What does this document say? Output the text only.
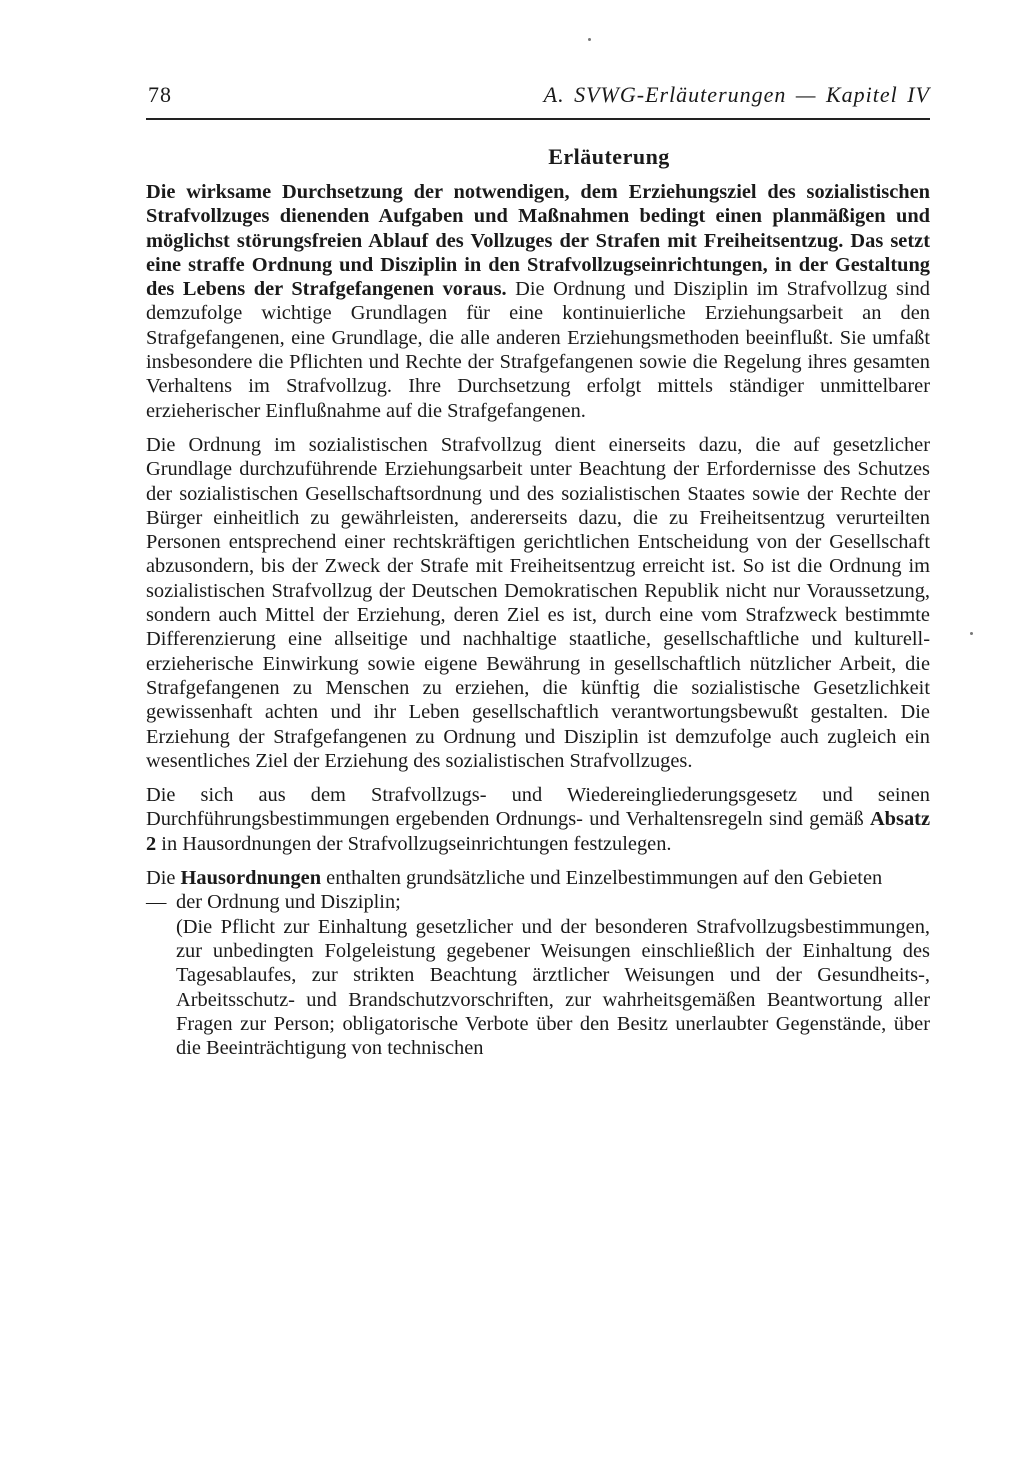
78	A. SVWG-Erläuterungen — Kapitel IV
Erläuterung

Die wirksame Durchsetzung der notwendigen, dem Erziehungsziel des sozialistischen Strafvollzuges dienenden Aufgaben und Maßnahmen bedingt einen planmäßigen und möglichst störungsfreien Ablauf des Vollzuges der Strafen mit Freiheitsentzug. Das setzt eine straffe Ordnung und Disziplin in den Strafvollzugseinrichtungen, in der Gestaltung des Lebens der Strafgefangenen voraus. Die Ordnung und Disziplin im Strafvollzug sind demzufolge wichtige Grundlagen für eine kontinuierliche Erziehungsarbeit an den Strafgefangenen, eine Grundlage, die alle anderen Erziehungsmethoden beeinflußt. Sie umfaßt insbesondere die Pflichten und Rechte der Strafgefangenen sowie die Regelung ihres gesamten Verhaltens im Strafvollzug. Ihre Durchsetzung erfolgt mittels ständiger unmittelbarer erzieherischer Einflußnahme auf die Strafgefangenen.

Die Ordnung im sozialistischen Strafvollzug dient einerseits dazu, die auf gesetzlicher Grundlage durchzuführende Erziehungsarbeit unter Beachtung der Erfordernisse des Schutzes der sozialistischen Gesellschaftsordnung und des sozialistischen Staates sowie der Rechte der Bürger einheitlich zu gewährleisten, andererseits dazu, die zu Freiheitsentzug verurteilten Personen entsprechend einer rechtskräftigen gerichtlichen Entscheidung von der Gesellschaft abzusondern, bis der Zweck der Strafe mit Freiheitsentzug erreicht ist. So ist die Ordnung im sozialistischen Strafvollzug der Deutschen Demokratischen Republik nicht nur Voraussetzung, sondern auch Mittel der Erziehung, deren Ziel es ist, durch eine vom Strafzweck bestimmte Differenzierung eine allseitige und nachhaltige staatliche, gesellschaftliche und kulturell-erzieherische Einwirkung sowie eigene Bewährung in gesellschaftlich nützlicher Arbeit, die Strafgefangenen zu Menschen zu erziehen, die künftig die sozialistische Gesetzlichkeit gewissenhaft achten und ihr Leben gesellschaftlich verantwortungsbewußt gestalten. Die Erziehung der Strafgefangenen zu Ordnung und Disziplin ist demzufolge auch zugleich ein wesentliches Ziel der Erziehung des sozialistischen Strafvollzuges.

Die sich aus dem Strafvollzugs- und Wiedereingliederungsgesetz und seinen Durchführungsbestimmungen ergebenden Ordnungs- und Verhaltensregeln sind gemäß Absatz 2 in Hausordnungen der Strafvollzugseinrichtungen festzulegen.

Die Hausordnungen enthalten grundsätzliche und Einzelbestimmungen auf den Gebieten

— der Ordnung und Disziplin;
(Die Pflicht zur Einhaltung gesetzlicher und der besonderen Strafvollzugsbestimmungen, zur unbedingten Folgeleistung gegebener Weisungen einschließlich der Einhaltung des Tagesablaufes, zur strikten Beachtung ärztlicher Weisungen und der Gesundheits-, Arbeitsschutz- und Brandschutzvorschriften, zur wahrheitsgemäßen Beantwortung aller Fragen zur Person; obligatorische Verbote über den Besitz unerlaubter Gegenstände, über die Beeinträchtigung von technischen
